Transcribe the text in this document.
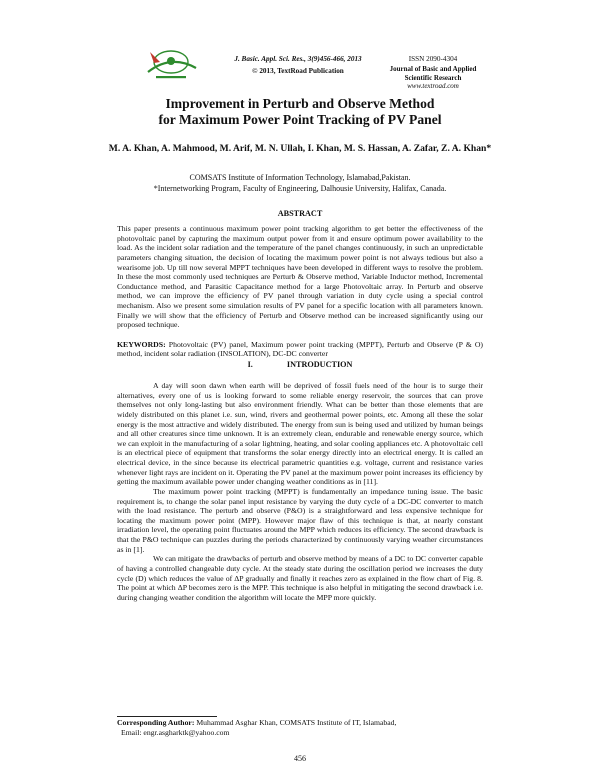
J. Basic. Appl. Sci. Res., 3(9)456-466, 2013
© 2013, TextRoad Publication
ISSN 2090-4304
Journal of Basic and Applied
Scientific Research
www.textroad.com
Improvement in Perturb and Observe Method
for Maximum Power Point Tracking of PV Panel
M. A. Khan, A. Mahmood, M. Arif, M. N. Ullah, I. Khan, M. S. Hassan, A. Zafar, Z. A. Khan*
COMSATS Institute of Information Technology, Islamabad,Pakistan.
*Internetworking Program, Faculty of Engineering, Dalhousie University, Halifax, Canada.
ABSTRACT
This paper presents a continuous maximum power point tracking algorithm to get better the effectiveness of the photovoltaic panel by capturing the maximum output power from it and ensure optimum power availability to the load. As the incident solar radiation and the temperature of the panel changes continuously, in such an unpredictable parameters changing situation, the decision of locating the maximum power point is not always tedious but also a wearisome job. Up till now several MPPT techniques have been developed in different ways to resolve the problem. In these the most commonly used techniques are Perturb & Observe method, Variable Inductor method, Incremental Conductance method, and Parasitic Capacitance method for a large Photovoltaic array. In Perturb and observe method, we can improve the efficiency of PV panel through variation in duty cycle using a special control mechanism. Also we present some simulation results of PV panel for a specific location with all parameters known. Finally we will show that the efficiency of Perturb and Observe method can be increased significantly using our proposed technique.
KEYWORDS: Photovoltaic (PV) panel, Maximum power point tracking (MPPT), Perturb and Observe (P & O) method, incident solar radiation (INSOLATION), DC-DC converter
I.	INTRODUCTION
A day will soon dawn when earth will be deprived of fossil fuels need of the hour is to surge their alternatives, every one of us is looking forward to some reliable energy reservoir, the sources that can prove themselves not only long-lasting but also environment friendly. What can be better than those elements that are widely distributed on this planet i.e. sun, wind, rivers and geothermal power points, etc. Among all these the solar energy is the most attractive and widely distributed. The energy from sun is being used and utilized by human beings and all other creatures since time unknown. It is an extremely clean, endurable and renewable energy source, which we can exploit in the manufacturing of a solar lightning, heating, and solar cooling appliances etc. A photovoltaic cell is an electrical piece of equipment that transforms the solar energy directly into an electrical energy. It is called an electrical device, in the since because its electrical parametric quantities e.g. voltage, current and resistance varies whenever light rays are incident on it. Operating the PV panel at the maximum power point increases its efficiency by getting the maximum available power under changing weather conditions as in [11].
The maximum power point tracking (MPPT) is fundamentally an impedance tuning issue. The basic requirement is, to change the solar panel input resistance by varying the duty cycle of a DC-DC converter to match with the load resistance. The perturb and observe (P&O) is a straightforward and less expensive technique for locating the maximum power point (MPP). However major flaw of this technique is that, at nearly constant irradiation level, the operating point fluctuates around the MPP which reduces its efficiency. The second drawback is that the P&O technique can puzzles during the periods characterized by continuously varying weather circumstances as in [1].
We can mitigate the drawbacks of perturb and observe method by means of a DC to DC converter capable of having a controlled changeable duty cycle. At the steady state during the oscillation period we increases the duty cycle (D) which reduces the value of ΔP gradually and finally it reaches zero as explained in the flow chart of Fig. 8. The point at which ΔP becomes zero is the MPP. This technique is also helpful in mitigating the second drawback i.e. during changing weather condition the algorithm will locate the MPP more quickly.
Corresponding Author: Muhammad Asghar Khan, COMSATS Institute of IT, Islamabad,
Email: engr.asgharktk@yahoo.com
456
